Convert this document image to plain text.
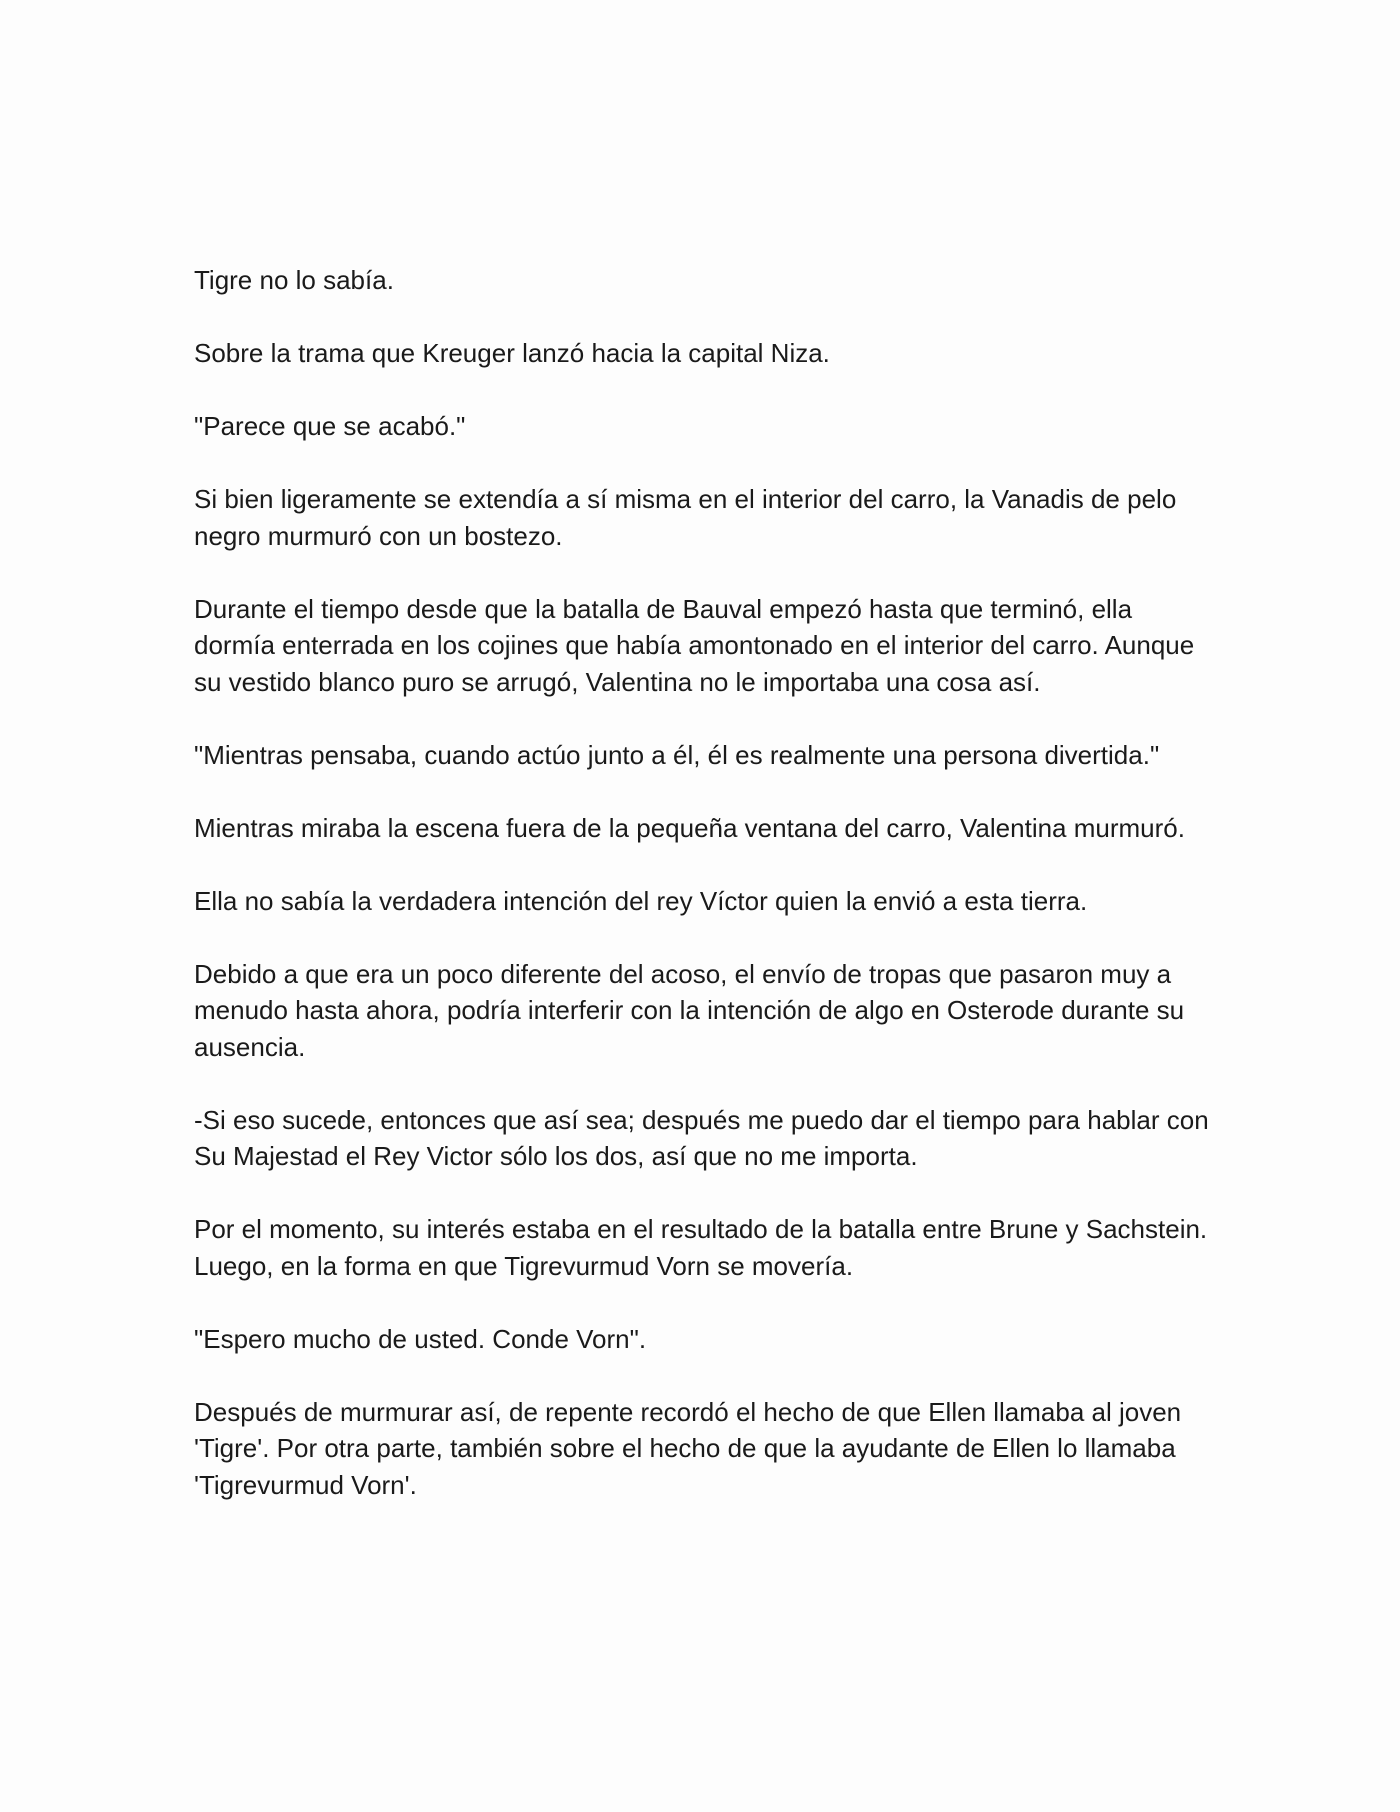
Tigre no lo sabía.

Sobre la trama que Kreuger lanzó hacia la capital Niza.

"Parece que se acabó."

Si bien ligeramente se extendía a sí misma en el interior del carro, la Vanadis de pelo negro murmuró con un bostezo.

Durante el tiempo desde que la batalla de Bauval empezó hasta que terminó, ella dormía enterrada en los cojines que había amontonado en el interior del carro. Aunque su vestido blanco puro se arrugó, Valentina no le importaba una cosa así.

"Mientras pensaba, cuando actúo junto a él, él es realmente una persona divertida."

Mientras miraba la escena fuera de la pequeña ventana del carro, Valentina murmuró.

Ella no sabía la verdadera intención del rey Víctor quien la envió a esta tierra.

Debido a que era un poco diferente del acoso, el envío de tropas que pasaron muy a menudo hasta ahora, podría interferir con la intención de algo en Osterode durante su ausencia.

-Si eso sucede, entonces que así sea; después me puedo dar el tiempo para hablar con Su Majestad el Rey Victor sólo los dos, así que no me importa.

Por el momento, su interés estaba en el resultado de la batalla entre Brune y Sachstein. Luego, en la forma en que Tigrevurmud Vorn se movería.

"Espero mucho de usted. Conde Vorn".

Después de murmurar así, de repente recordó el hecho de que Ellen llamaba al joven 'Tigre'. Por otra parte, también sobre el hecho de que la ayudante de Ellen lo llamaba 'Tigrevurmud Vorn'.
